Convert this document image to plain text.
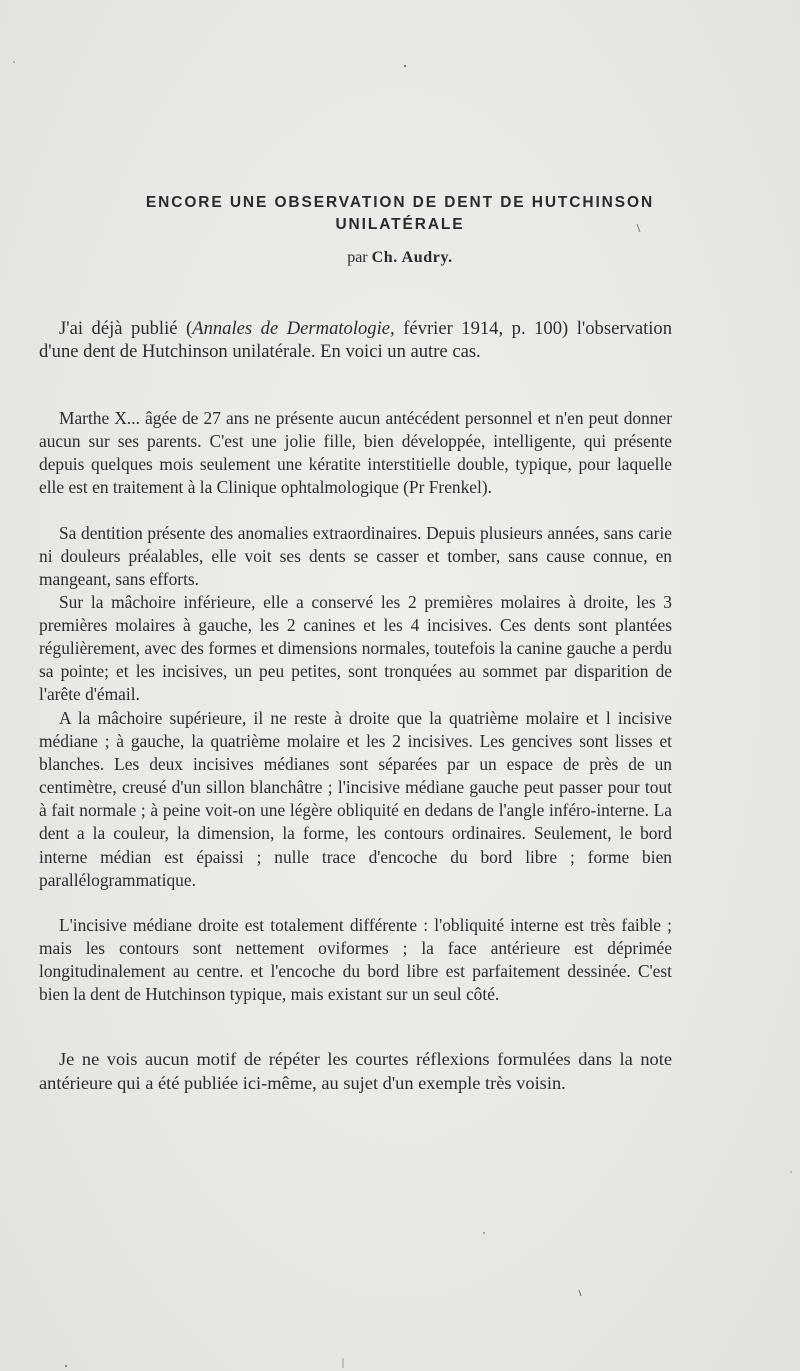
ENCORE UNE OBSERVATION DE DENT DE HUTCHINSON
UNILATÉRALE
par Ch. Audry.

J'ai déjà publié (Annales de Dermatologie, février 1914, p. 100) l'observation d'une dent de Hutchinson unilatérale. En voici un autre cas.

Marthe X... âgée de 27 ans ne présente aucun antécédent personnel et n'en peut donner aucun sur ses parents. C'est une jolie fille, bien développée, intelligente, qui présente depuis quelques mois seulement une kératite interstitielle double, typique, pour laquelle elle est en traitement à la Clinique ophtalmologique (Pr Frenkel).

Sa dentition présente des anomalies extraordinaires. Depuis plusieurs années, sans carie ni douleurs préalables, elle voit ses dents se casser et tomber, sans cause connue, en mangeant, sans efforts.

Sur la mâchoire inférieure, elle a conservé les 2 premières molaires à droite, les 3 premières molaires à gauche, les 2 canines et les 4 incisives. Ces dents sont plantées régulièrement, avec des formes et dimensions normales, toutefois la canine gauche a perdu sa pointe; et les incisives, un peu petites, sont tronquées au sommet par disparition de l'arête d'émail.

A la mâchoire supérieure, il ne reste à droite que la quatrième molaire et l incisive médiane ; à gauche, la quatrième molaire et les 2 incisives. Les gencives sont lisses et blanches. Les deux incisives médianes sont séparées par un espace de près de un centimètre, creusé d'un sillon blanchâtre ; l'incisive médiane gauche peut passer pour tout à fait normale ; à peine voit-on une légère obliquité en dedans de l'angle inféro-interne. La dent a la couleur, la dimension, la forme, les contours ordinaires. Seulement, le bord interne médian est épaissi ; nulle trace d'encoche du bord libre ; forme bien parallélogrammatique.

L'incisive médiane droite est totalement différente : l'obliquité interne est très faible ; mais les contours sont nettement oviformes ; la face antérieure est déprimée longitudinalement au centre. et l'encoche du bord libre est parfaitement dessinée. C'est bien la dent de Hutchinson typique, mais existant sur un seul côté.

Je ne vois aucun motif de répéter les courtes réflexions formulées dans la note antérieure qui a été publiée ici-même, au sujet d'un exemple très voisin.
